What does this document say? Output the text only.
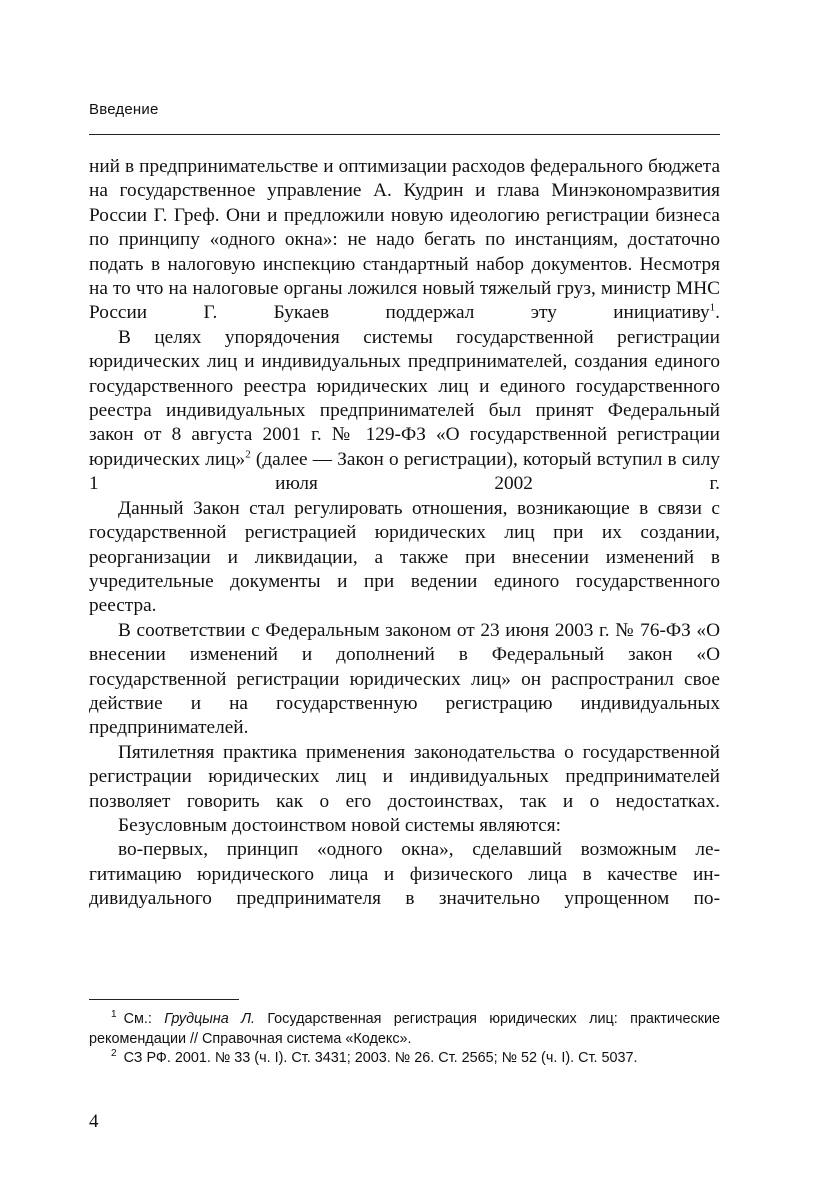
Введение

ний в предпринимательстве и оптимизации расходов федерального бюджета на государственное управление А. Кудрин и глава Минэкономразвития России Г. Греф. Они и предложили новую идеологию регистрации бизнеса по принципу «одного окна»: не надо бегать по инстанциям, достаточно подать в налоговую инспекцию стандартный набор документов. Несмотря на то что на налоговые органы ложился новый тяжелый груз, министр МНС России Г. Букаев поддержал эту инициативу$^1$.

В целях упорядочения системы государственной регистрации юридических лиц и индивидуальных предпринимателей, создания единого государственного реестра юридических лиц и единого государственного реестра индивидуальных предпринимателей был принят Федеральный закон от 8 августа 2001 г. № 129-ФЗ «О государственной регистрации юридических лиц»$^2$ (далее — Закон о регистрации), который вступил в силу 1 июля 2002 г.

Данный Закон стал регулировать отношения, возникающие в связи с государственной регистрацией юридических лиц при их создании, реорганизации и ликвидации, а также при внесении изменений в учредительные документы и при ведении единого государственного реестра.

В соответствии с Федеральным законом от 23 июня 2003 г. № 76-ФЗ «О внесении изменений и дополнений в Федеральный закон «О государственной регистрации юридических лиц» он распространил свое действие и на государственную регистрацию индивидуальных предпринимателей.

Пятилетняя практика применения законодательства о государственной регистрации юридических лиц и индивидуальных предпринимателей позволяет говорить как о его достоинствах, так и о недостатках.

Безусловным достоинством новой системы являются:

во-первых, принцип «одного окна», сделавший возможным легитимацию юридического лица и физического лица в качестве индивидуального предпринимателя в значительно упрощенном по-

$^1$ См.: Грудцына Л. Государственная регистрация юридических лиц: практические рекомендации // Справочная система «Кодекс».

$^2$ СЗ РФ. 2001. № 33 (ч. I). Ст. 3431; 2003. № 26. Ст. 2565; № 52 (ч. I). Ст. 5037.

4
